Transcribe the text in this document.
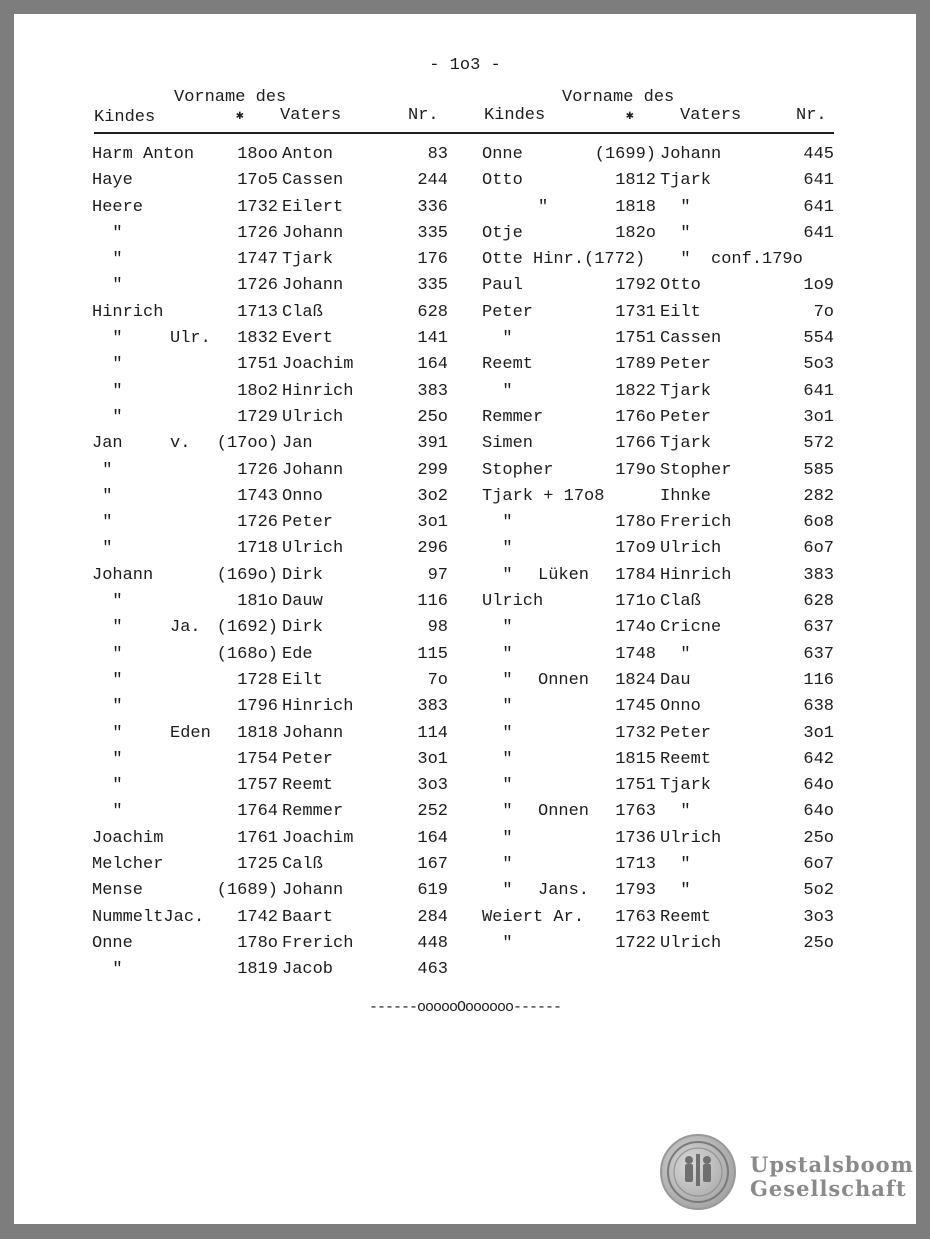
- 1o3 -
Vorname des
Kindes	✱ Vaters	Nr.
Vorname des
Kindes	✱	Vaters	Nr.
Harm Anton	18oo Anton	83
Haye	17o5 Cassen	244
Heere	1732 Eilert	336
"	1726 Johann	335
"	1747 Tjark	176
"	1726 Johann	335
Hinrich	1713 Claß	628
"	Ulr.	1832 Evert	141
"	1751 Joachim	164
"	18o2 Hinrich	383
"	1729 Ulrich	25o
Jan	v.	(17oo) Jan	391
"	1726 Johann	299
"	1743 Onno	3o2
"	1726 Peter	3o1
"	1718 Ulrich	296
Johann	(169o) Dirk	97
"	181o Dauw	116
"	Ja. (1692) Dirk	98
"	(168o) Ede	115
"	1728 Eilt	7o
"	1796 Hinrich	383
"	Eden	1818 Johann	114
"	1754 Peter	3o1
"	1757 Reemt	3o3
"	1764 Remmer	252
Joachim	1761 Joachim	164
Melcher	1725 Calß	167
Mense	(1689) Johann	619
NummeltJac.	1742 Baart	284
Onne	178o Frerich	448
"	1819 Jacob	463
Onne	(1699) Johann	445
Otto	1812 Tjark	641
"	1818 "	641
Otje	182o "	641
Otte Hinr.(1772) "  conf.179o
Paul	1792 Otto	1o9
Peter	1731 Eilt	7o
"	1751 Cassen	554
Reemt	1789 Peter	5o3
"	1822 Tjark	641
Remmer	176o Peter	3o1
Simen	1766 Tjark	572
Stopher	179o Stopher	585
Tjark + 17o8	Ihnke	282
"	178o Frerich	6o8
"	17o9 Ulrich	6o7
" Lüken	1784 Hinrich	383
Ulrich	171o Claß	628
"	174o Cricne	637
"	1748 "	637
" Onnen	1824 Dau	116
"	1745 Onno	638
"	1732 Peter	3o1
"	1815 Reemt	642
"	1751 Tjark	64o
" Onnen	1763 "	64o
"	1736 Ulrich	25o
"	1713 "	6o7
" Jans.	1793 "	5o2
Weiert Ar.	1763 Reemt	3o3
"	1722 Ulrich	25o
------oooooOoooooo------
Upstalsboom
Gesellschaft
